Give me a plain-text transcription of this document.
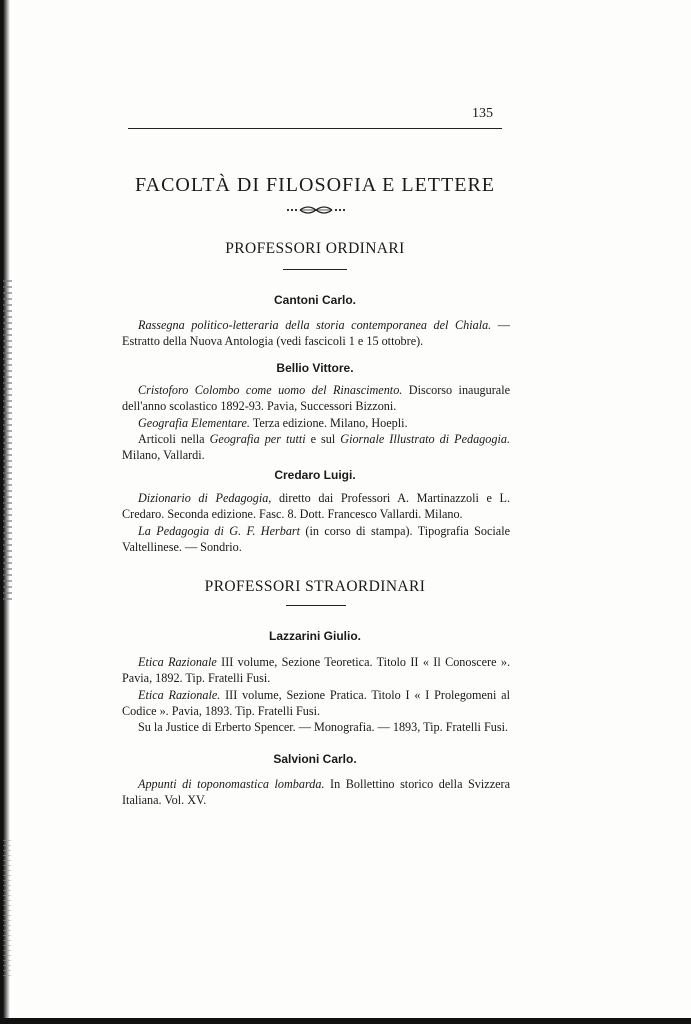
135
FACOLTÀ DI FILOSOFIA E LETTERE
PROFESSORI ORDINARI
Cantoni Carlo.

Rassegna politico-letteraria della storia contemporanea del Chiala. — Estratto della Nuova Antologia (vedi fascicoli 1 e 15 ottobre).

Bellio Vittore.

Cristoforo Colombo come uomo del Rinascimento. Discorso inaugurale dell'anno scolastico 1892-93. Pavia, Successori Bizzoni.

Geografia Elementare. Terza edizione. Milano, Hoepli.

Articoli nella Geografia per tutti e sul Giornale Illustrato di Pedagogia. Milano, Vallardi.

Credaro Luigi.

Dizionario di Pedagogia, diretto dai Professori A. Martinazzoli e L. Credaro. Seconda edizione. Fasc. 8. Dott. Francesco Vallardi. Milano.

La Pedagogia di G. F. Herbart (in corso di stampa). Tipografia Sociale Valtellinese. — Sondrio.

PROFESSORI STRAORDINARI
Lazzarini Giulio.

Etica Razionale III volume, Sezione Teoretica. Titolo II « Il Conoscere ». Pavia, 1892. Tip. Fratelli Fusi.

Etica Razionale. III volume, Sezione Pratica. Titolo I « I Prolegomeni al Codice ». Pavia, 1893. Tip. Fratelli Fusi.

Su la Justice di Erberto Spencer. — Monografia. — 1893, Tip. Fratelli Fusi.

Salvioni Carlo.

Appunti di toponomastica lombarda. In Bollettino storico della Svizzera Italiana. Vol. XV.
